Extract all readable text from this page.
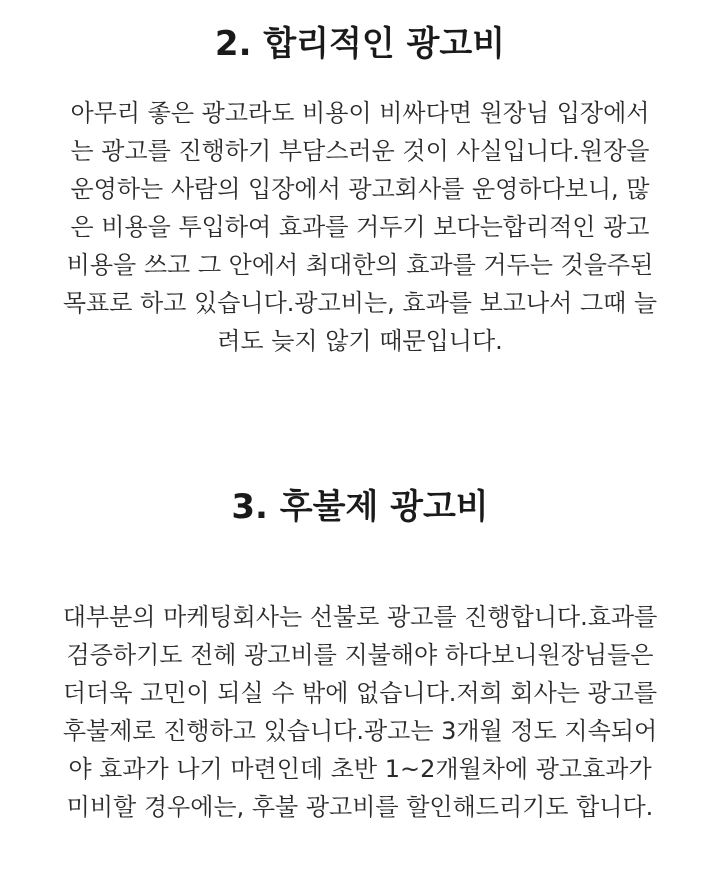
2. 합리적인 광고비

아무리 좋은 광고라도 비용이 비싸다면 원장님 입장에서
는 광고를 진행하기 부담스러운 것이 사실입니다.원장을
운영하는 사람의 입장에서 광고회사를 운영하다보니, 많
은 비용을 투입하여 효과를 거두기 보다는합리적인 광고
비용을 쓰고 그 안에서 최대한의 효과를 거두는 것을주된
목표로 하고 있습니다.광고비는, 효과를 보고나서 그때 늘
려도 늦지 않기 때문입니다.

3. 후불제 광고비

대부분의 마케팅회사는 선불로 광고를 진행합니다.효과를
검증하기도 전헤 광고비를 지불해야 하다보니원장님들은
더더욱 고민이 되실 수 밖에 없습니다.저희 회사는 광고를
후불제로 진행하고 있습니다.광고는 3개월 정도 지속되어
야 효과가 나기 마련인데 초반 1~2개월차에 광고효과가
미비할 경우에는, 후불 광고비를 할인해드리기도 합니다.
